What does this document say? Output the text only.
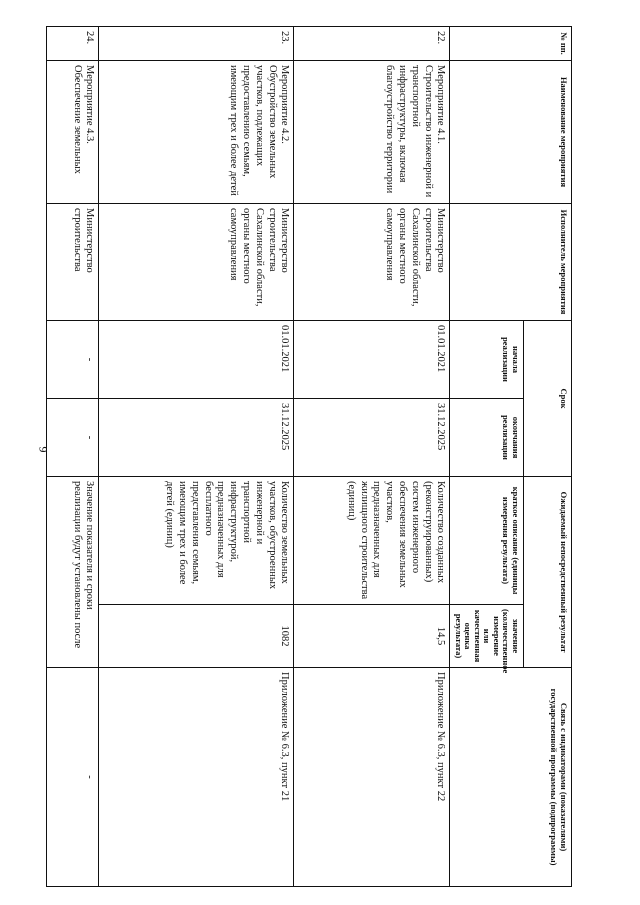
9
№ пп.	Наименование мероприятия	Исполнитель мероприятия	Срок		Ожидаемый непосредственный результат		Связь с индикаторами (показателями) государственной программы (подпрограммы)
			начала реализации	окончания реализации	краткое описание (единицы измерения результата)	значение (количественное измерение или качественная оценка результата)	
22.	Мероприятие 4.1. Строительство инженерной и транспортной инфраструктуры, включая благоустройство территории	Министерство строительства Сахалинской области, органы местного самоуправления	01.01.2021	31.12.2025	Количество созданных (реконструированных) систем инженерного обеспечения земельных участков, предназначенных для жилищного строительства (единиц)	14,5	Приложение № 6.3, пункт 22
23.	Мероприятие 4.2. Обустройство земельных участков, подлежащих предоставлению семьям, имеющим трех и более детей	Министерство строительства Сахалинской области, органы местного самоуправления	01.01.2021	31.12.2025	Количество земельных участков, обустроенных инженерной и транспортной инфраструктурой, предназначенных для бесплатного представления семьям, имеющим трех и более детей (единиц)	1082	Приложение № 6.3, пункт 21
24.	Мероприятие 4.3. Обеспечение земельных	Министерство строительства	-	-	Значение показателя и сроки реализации будут установлены после		-
